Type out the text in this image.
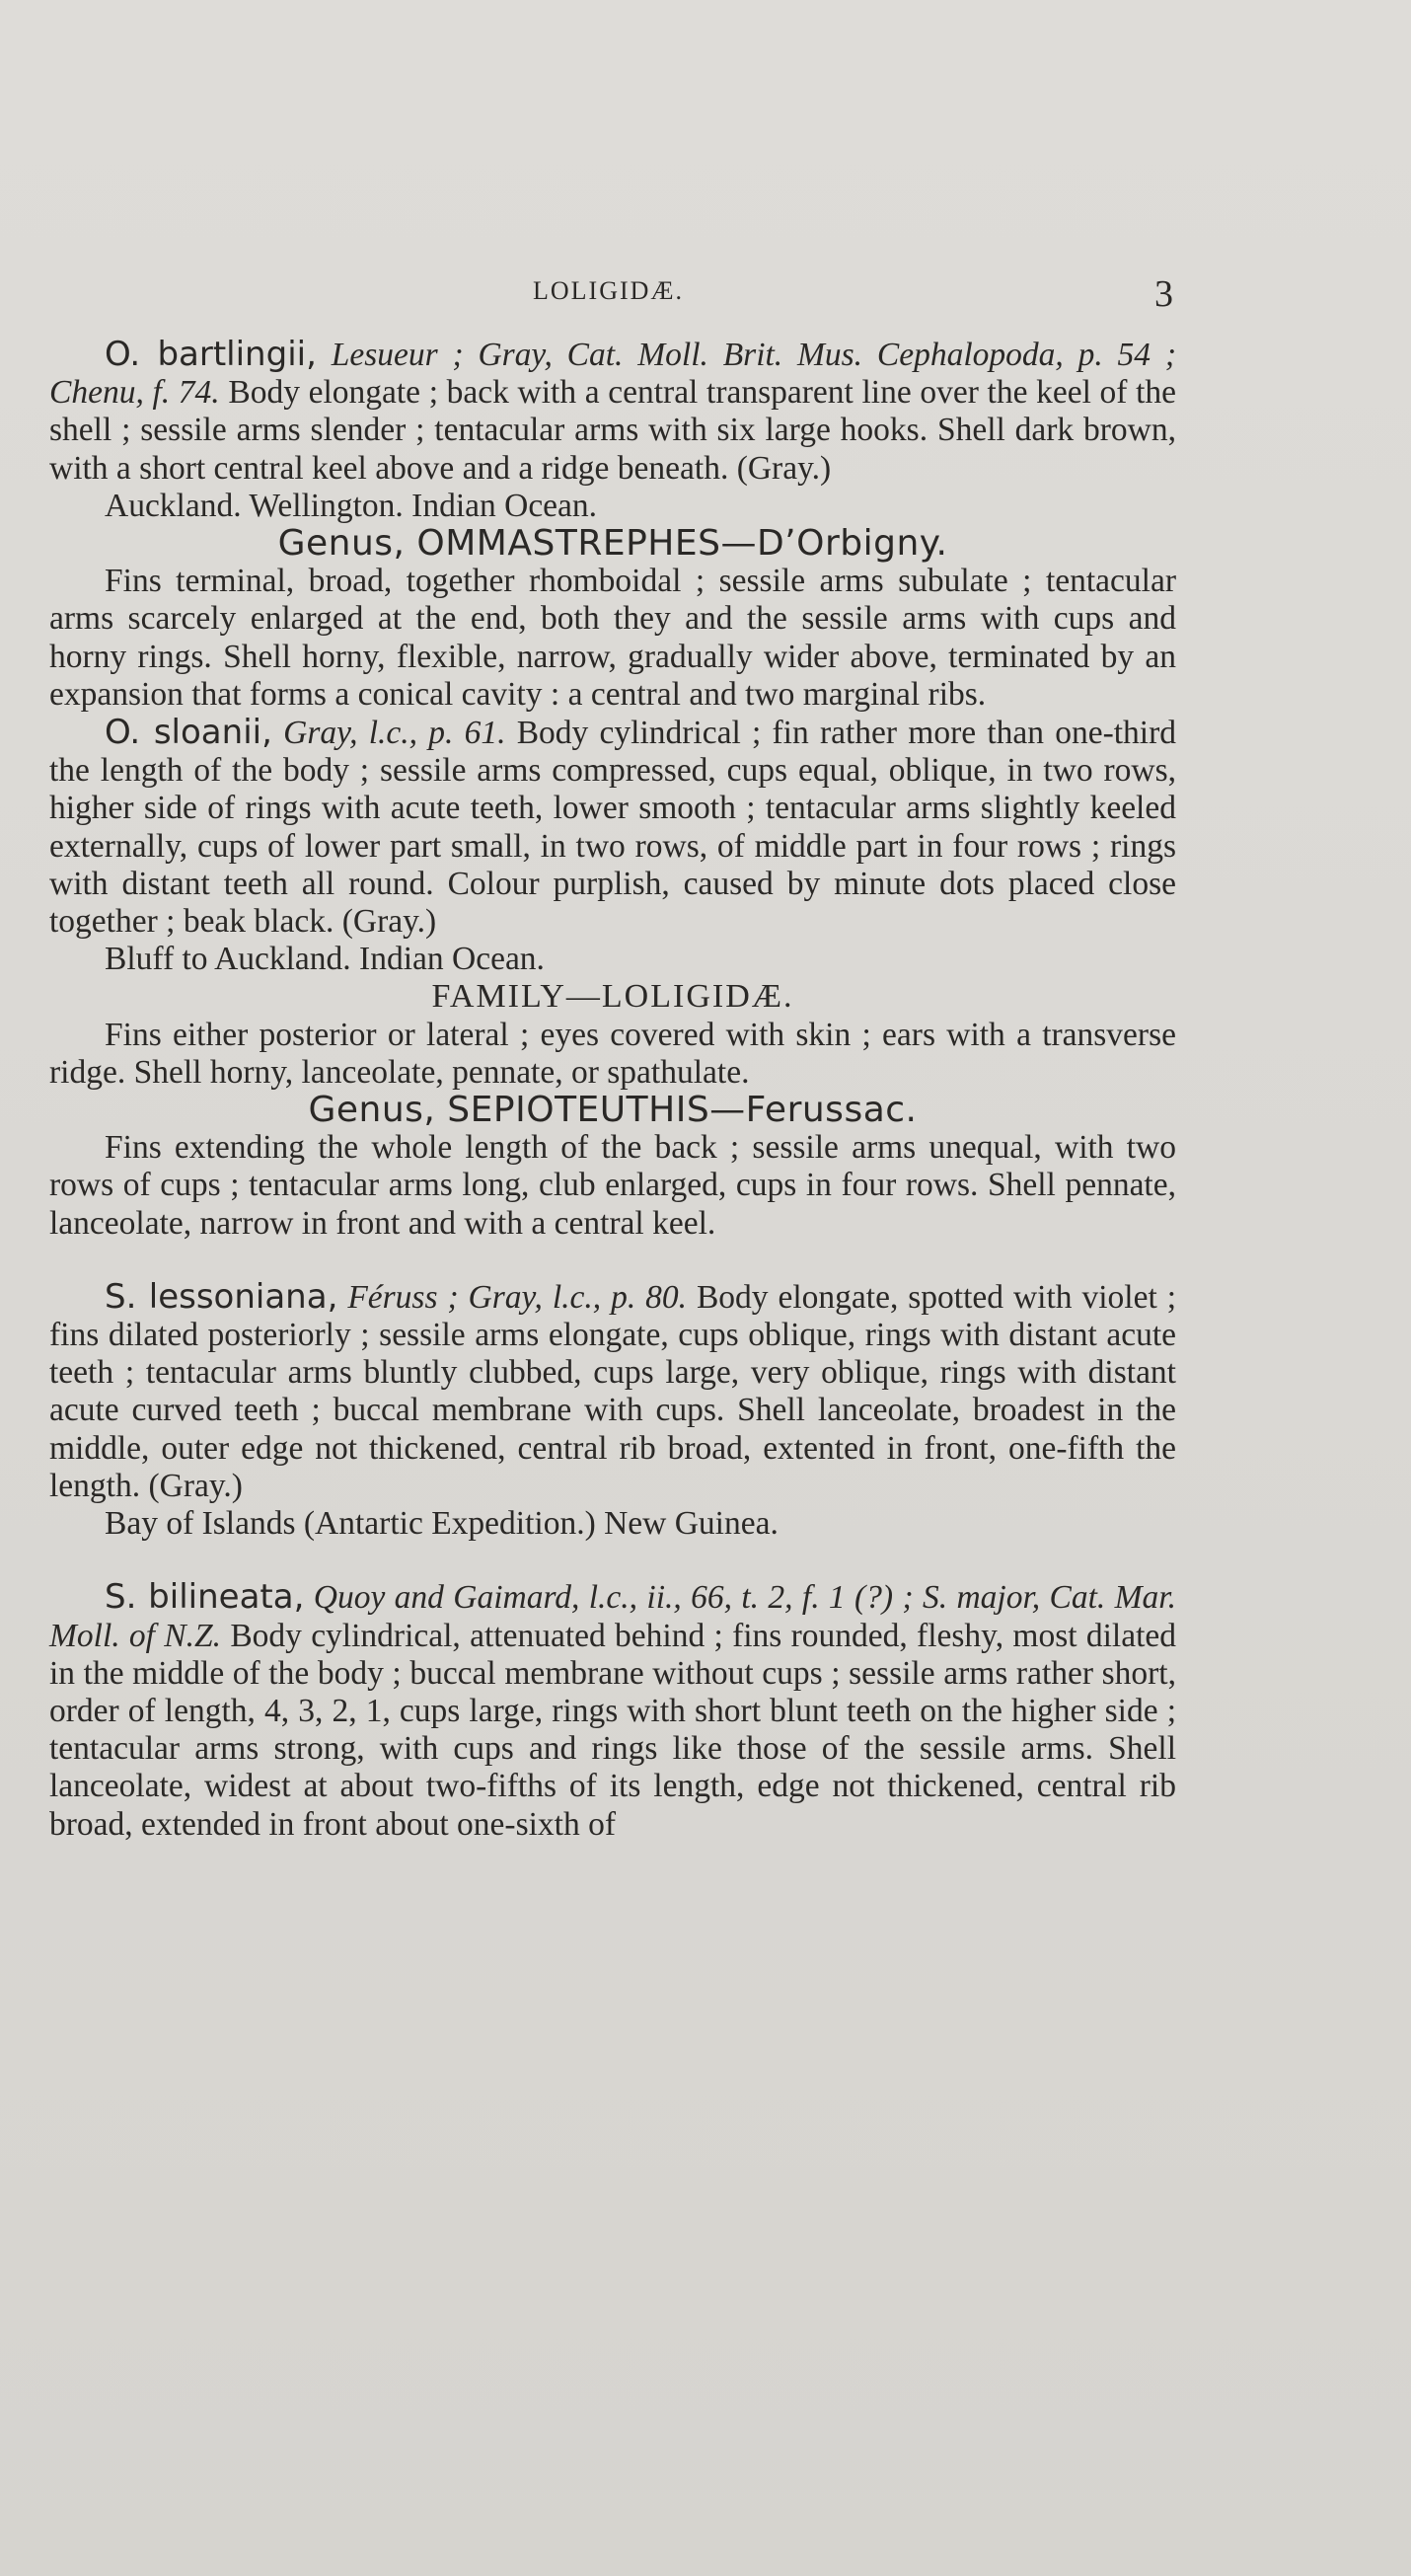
LOLIGIDÆ.	3

O. bartlingii, Lesueur ; Gray, Cat. Moll. Brit. Mus. Cephalopoda, p. 54 ; Chenu, f. 74. Body elongate ; back with a central transparent line over the keel of the shell ; sessile arms slender ; tentacular arms with six large hooks. Shell dark brown, with a short central keel above and a ridge beneath. (Gray.)

Auckland. Wellington. Indian Ocean.

Genus, OMMASTREPHES—D’Orbigny.

Fins terminal, broad, together rhomboidal ; sessile arms subulate ; tentacular arms scarcely enlarged at the end, both they and the sessile arms with cups and horny rings. Shell horny, flexible, narrow, gradually wider above, terminated by an expansion that forms a conical cavity : a central and two marginal ribs.

O. sloanii, Gray, l.c., p. 61. Body cylindrical ; fin rather more than one-third the length of the body ; sessile arms compressed, cups equal, oblique, in two rows, higher side of rings with acute teeth, lower smooth ; tentacular arms slightly keeled externally, cups of lower part small, in two rows, of middle part in four rows ; rings with distant teeth all round. Colour purplish, caused by minute dots placed close together ; beak black. (Gray.)

Bluff to Auckland. Indian Ocean.

FAMILY—LOLIGIDÆ.

Fins either posterior or lateral ; eyes covered with skin ; ears with a transverse ridge. Shell horny, lanceolate, pennate, or spathulate.

Genus, SEPIOTEUTHIS—Ferussac.

Fins extending the whole length of the back ; sessile arms unequal, with two rows of cups ; tentacular arms long, club enlarged, cups in four rows. Shell pennate, lanceolate, narrow in front and with a central keel.

S. lessoniana, Féruss ; Gray, l.c., p. 80. Body elongate, spotted with violet ; fins dilated posteriorly ; sessile arms elongate, cups oblique, rings with distant acute teeth ; tentacular arms bluntly clubbed, cups large, very oblique, rings with distant acute curved teeth ; buccal membrane with cups. Shell lanceolate, broadest in the middle, outer edge not thickened, central rib broad, extented in front, one-fifth the length. (Gray.)

Bay of Islands (Antartic Expedition.) New Guinea.

S. bilineata, Quoy and Gaimard, l.c., ii., 66, t. 2, f. 1 (?) ; S. major, Cat. Mar. Moll. of N.Z. Body cylindrical, attenuated behind ; fins rounded, fleshy, most dilated in the middle of the body ; buccal membrane without cups ; sessile arms rather short, order of length, 4, 3, 2, 1, cups large, rings with short blunt teeth on the higher side ; tentacular arms strong, with cups and rings like those of the sessile arms. Shell lanceolate, widest at about two-fifths of its length, edge not thickened, central rib broad, extended in front about one-sixth of
